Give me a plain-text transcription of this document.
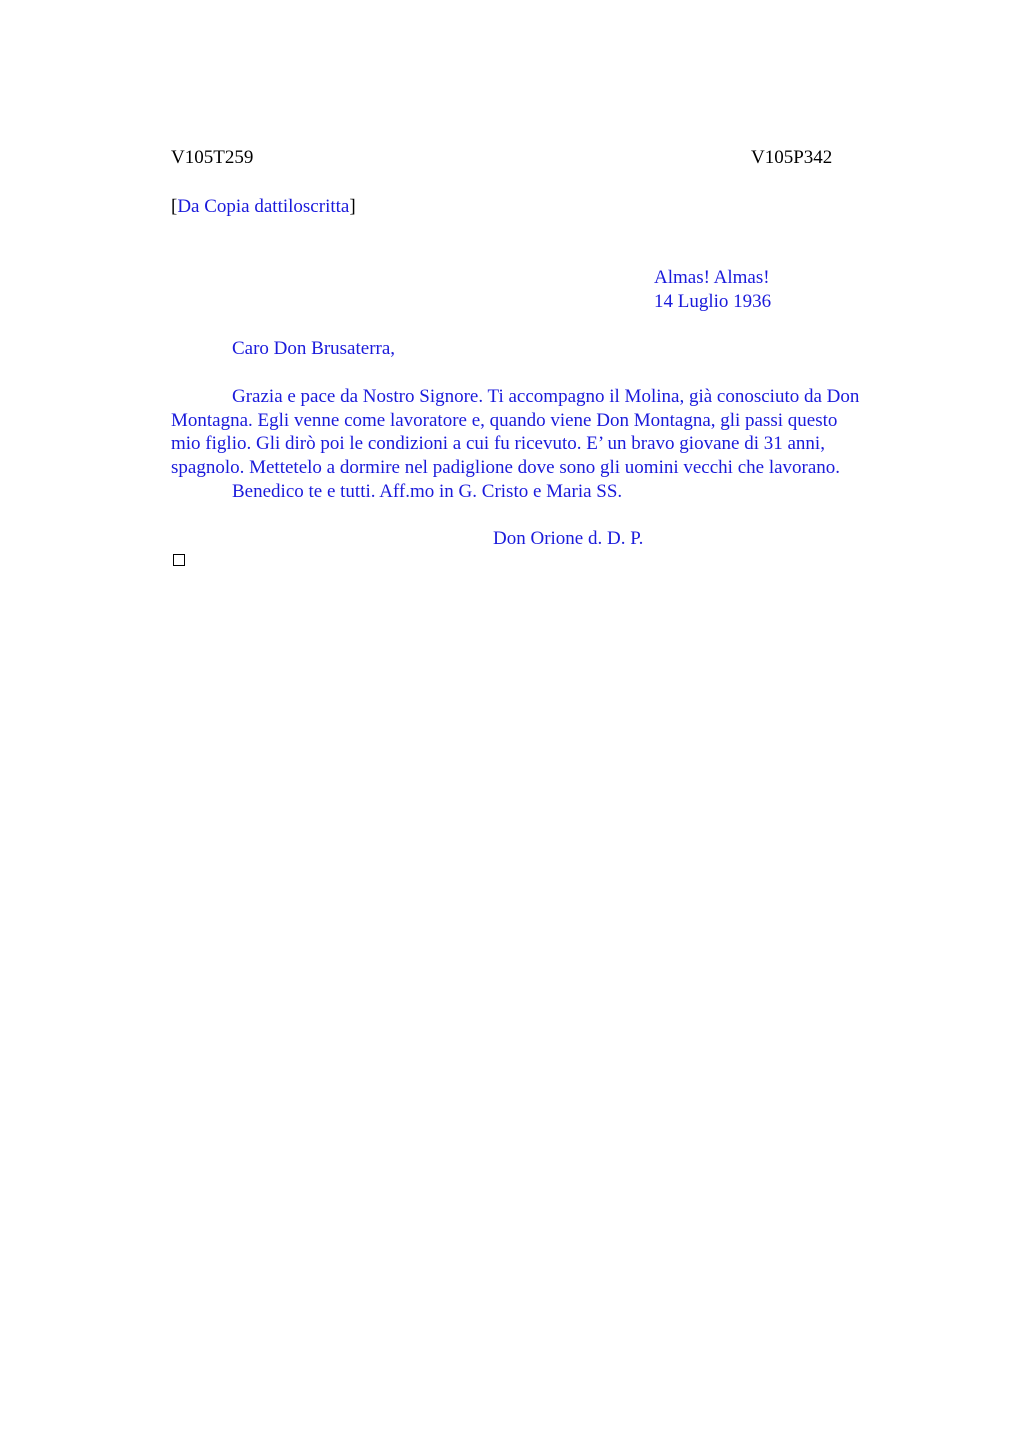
V105T259	V105P342
[Da Copia dattiloscritta]
Almas! Almas!
14 Luglio 1936
Caro Don Brusaterra,

Grazia e pace da Nostro Signore. Ti accompagno il Molina, già conosciuto da Don

Montagna. Egli venne come lavoratore e, quando viene Don Montagna, gli passi questo

mio figlio. Gli dirò poi le condizioni a cui fu ricevuto. E’ un bravo giovane di 31 anni,

spagnolo. Mettetelo a dormire nel padiglione dove sono gli uomini vecchi che lavorano.

Benedico te e tutti. Aff.mo in G. Cristo e Maria SS.

Don Orione d. D. P.
